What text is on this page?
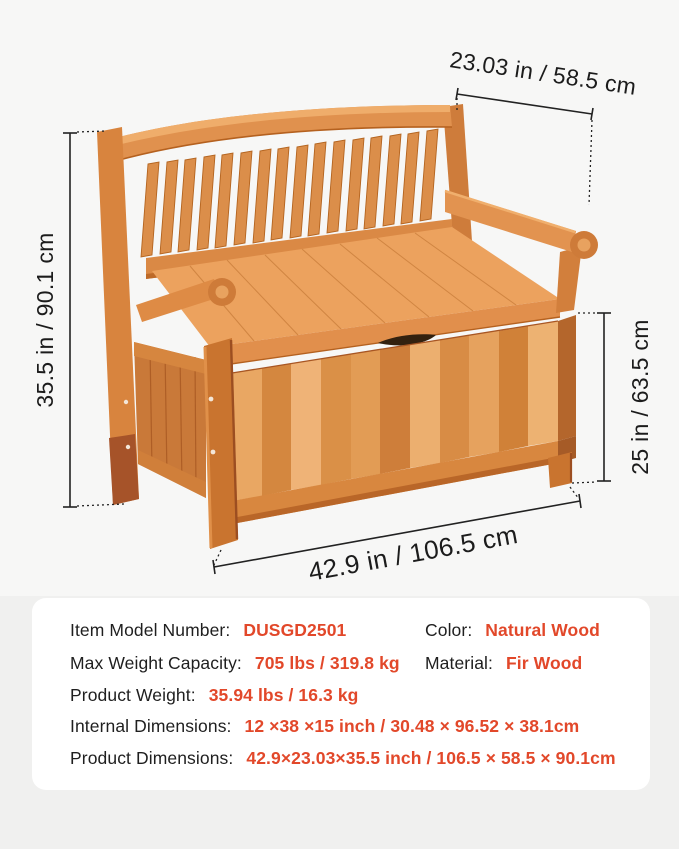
23.03 in / 58.5 cm
35.5 in / 90.1 cm	25 in / 63.5 cm
42.9 in / 106.5 cm
Item Model Number: DUSGD2501	Color: Natural Wood
Max Weight Capacity: 705 lbs / 319.8 kg Material: Fir Wood
Product Weight: 35.94 lbs / 16.3 kg
Internal Dimensions: 12 ×38 ×15 inch / 30.48 × 96.52 × 38.1cm
Product Dimensions: 42.9×23.03×35.5 inch / 106.5 × 58.5 × 90.1cm
